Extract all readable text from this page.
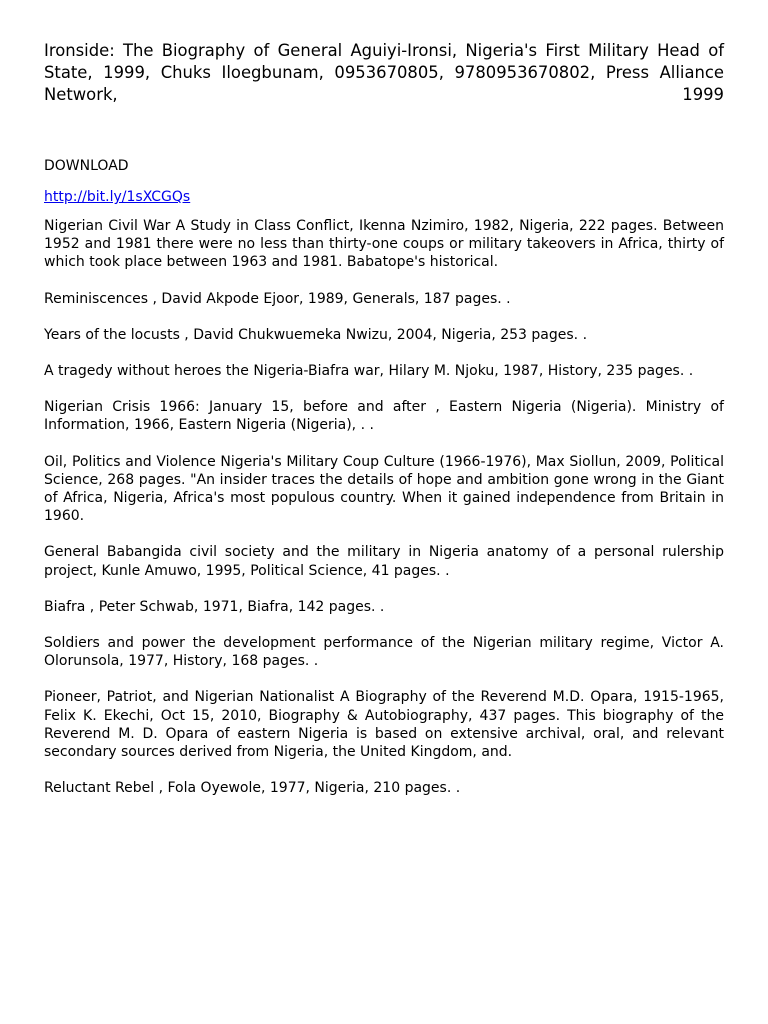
Ironside: The Biography of General Aguiyi-Ironsi, Nigeria's First Military Head of State, 1999, Chuks Iloegbunam, 0953670805, 9780953670802, Press Alliance Network, 1999

DOWNLOAD

http://bit.ly/1sXCGQs

Nigerian Civil War A Study in Class Conflict, Ikenna Nzimiro, 1982, Nigeria, 222 pages. Between 1952 and 1981 there were no less than thirty-one coups or military takeovers in Africa, thirty of which took place between 1963 and 1981. Babatope's historical.

Reminiscences , David Akpode Ejoor, 1989, Generals, 187 pages. .

Years of the locusts , David Chukwuemeka Nwizu, 2004, Nigeria, 253 pages. .

A tragedy without heroes the Nigeria-Biafra war, Hilary M. Njoku, 1987, History, 235 pages. .

Nigerian Crisis 1966: January 15, before and after , Eastern Nigeria (Nigeria). Ministry of Information, 1966, Eastern Nigeria (Nigeria), . .

Oil, Politics and Violence Nigeria's Military Coup Culture (1966-1976), Max Siollun, 2009, Political Science, 268 pages. "An insider traces the details of hope and ambition gone wrong in the Giant of Africa, Nigeria, Africa's most populous country. When it gained independence from Britain in 1960.

General Babangida civil society and the military in Nigeria anatomy of a personal rulership project, Kunle Amuwo, 1995, Political Science, 41 pages. .

Biafra , Peter Schwab, 1971, Biafra, 142 pages. .

Soldiers and power the development performance of the Nigerian military regime, Victor A. Olorunsola, 1977, History, 168 pages. .

Pioneer, Patriot, and Nigerian Nationalist A Biography of the Reverend M.D. Opara, 1915-1965, Felix K. Ekechi, Oct 15, 2010, Biography & Autobiography, 437 pages. This biography of the Reverend M. D. Opara of eastern Nigeria is based on extensive archival, oral, and relevant secondary sources derived from Nigeria, the United Kingdom, and.

Reluctant Rebel , Fola Oyewole, 1977, Nigeria, 210 pages. .
